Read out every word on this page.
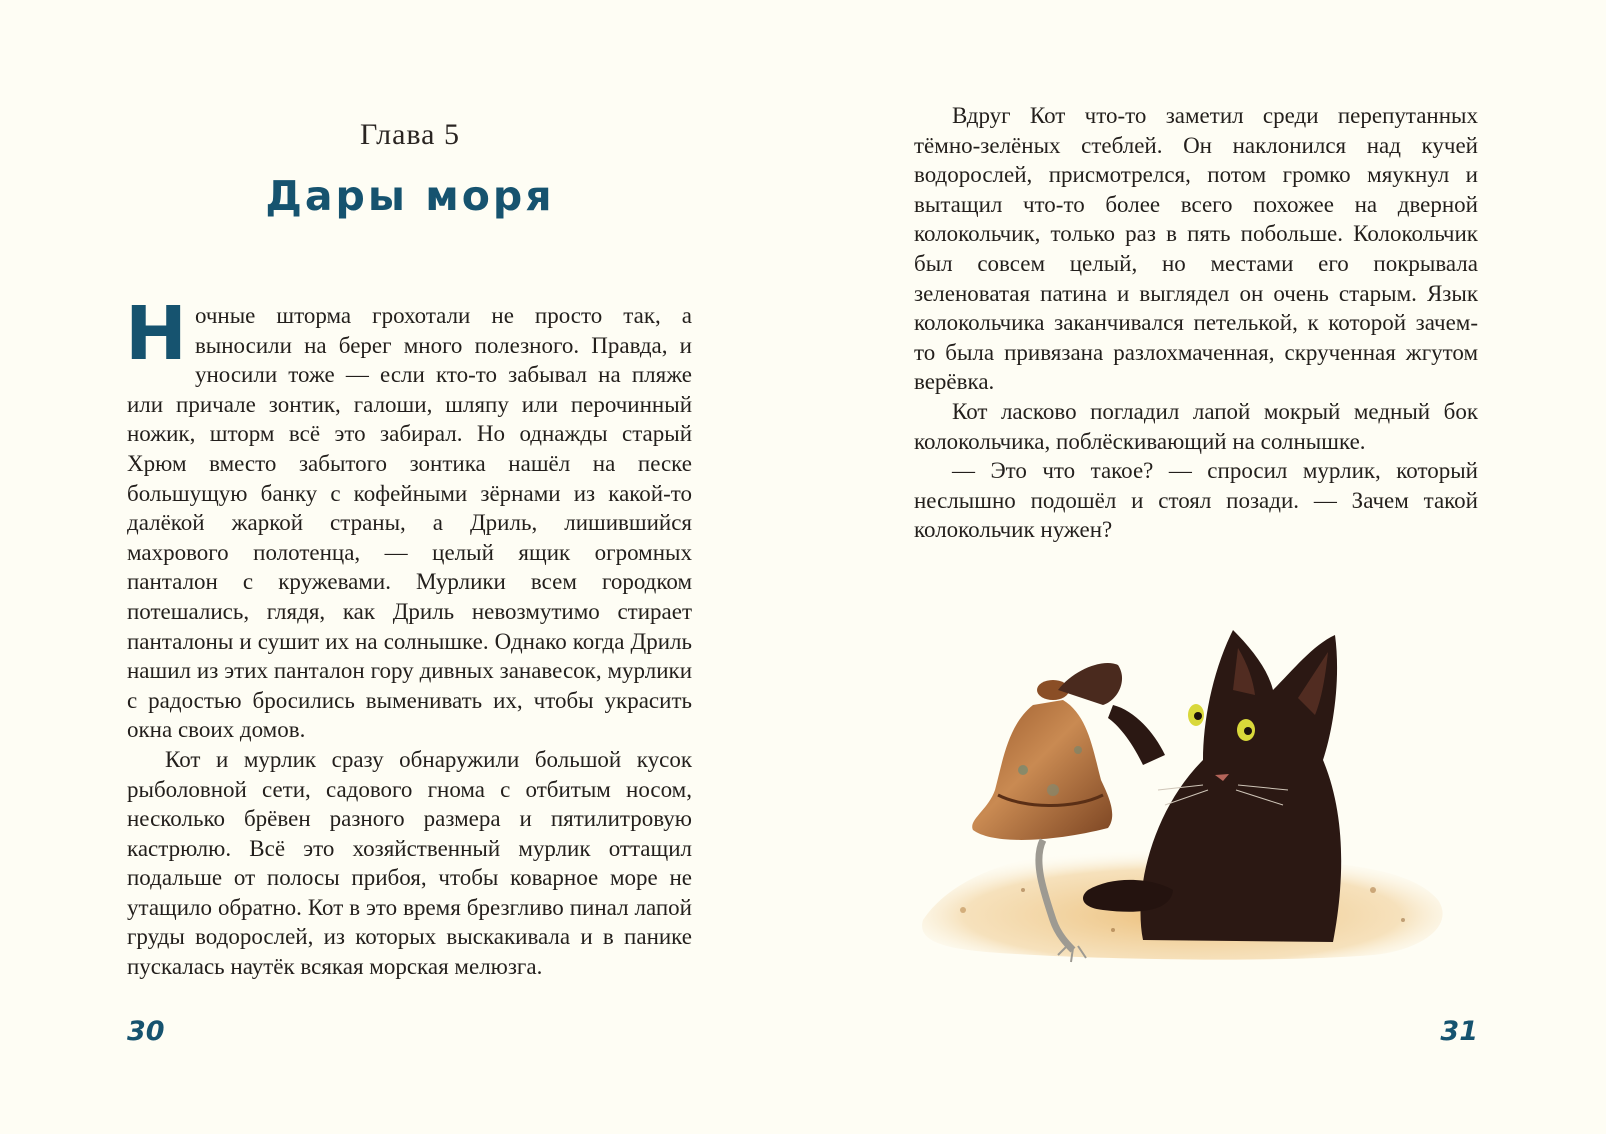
Глава 5
Дары моря

Ночные шторма грохотали не просто так, а выносили на берег много полезного. Правда, и уносили тоже — если кто-то забывал на пляже или причале зонтик, галоши, шляпу или перочинный ножик, шторм всё это забирал. Но однажды старый Хрюм вместо забытого зонтика нашёл на песке большущую банку с кофейными зёрнами из какой-то далёкой жаркой страны, а Дриль, лишившийся махрового полотенца, — целый ящик огромных панталон с кружевами. Мурлики всем городком потешались, глядя, как Дриль невозмутимо стирает панталоны и сушит их на солнышке. Однако когда Дриль нашил из этих панталон гору дивных занавесок, мурлики с радостью бросились выменивать их, чтобы украсить окна своих домов.

Кот и мурлик сразу обнаружили большой кусок рыболовной сети, садового гнома с отбитым носом, несколько брёвен разного размера и пятилитровую кастрюлю. Всё это хозяйственный мурлик оттащил подальше от полосы прибоя, чтобы коварное море не утащило обратно. Кот в это время брезгливо пинал лапой груды водорослей, из которых выскакивала и в панике пускалась наутёк всякая морская мелюзга.

30

Вдруг Кот что-то заметил среди перепутанных тёмно-зелёных стеблей. Он наклонился над кучей водорослей, присмотрелся, потом громко мяукнул и вытащил что-то более всего похожее на дверной колокольчик, только раз в пять побольше. Колокольчик был совсем целый, но местами его покрывала зеленоватая патина и выглядел он очень старым. Язык колокольчика заканчивался петелькой, к которой зачем-то была привязана разлохмаченная, скрученная жгутом верёвка.

Кот ласково погладил лапой мокрый медный бок колокольчика, поблёскивающий на солнышке.

— Это что такое? — спросил мурлик, который неслышно подошёл и стоял позади. — Зачем такой колокольчик нужен?

31
